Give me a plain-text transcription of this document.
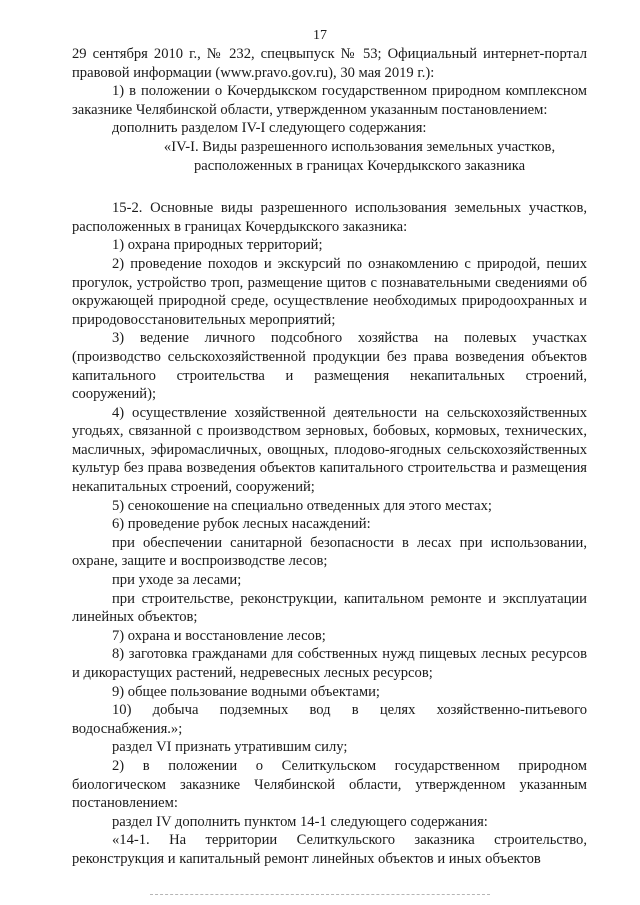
17

29 сентября 2010 г., № 232, спецвыпуск № 53; Официальный интернет-портал правовой информации (www.pravo.gov.ru), 30 мая 2019 г.):

1) в положении о Кочердыкском государственном природном комплексном заказнике Челябинской области, утвержденном указанным постановлением:

дополнить разделом IV-I следующего содержания:

«IV-I. Виды разрешенного использования земельных участков,
расположенных в границах Кочердыкского заказника

15-2. Основные виды разрешенного использования земельных участков, расположенных в границах Кочердыкского заказника:

1) охрана природных территорий;

2) проведение походов и экскурсий по ознакомлению с природой, пеших прогулок, устройство троп, размещение щитов с познавательными сведениями об окружающей природной среде, осуществление необходимых природоохранных и природовосстановительных мероприятий;

3) ведение личного подсобного хозяйства на полевых участках (производство сельскохозяйственной продукции без права возведения объектов капитального строительства и размещения некапитальных строений, сооружений);

4) осуществление хозяйственной деятельности на сельскохозяйственных угодьях, связанной с производством зерновых, бобовых, кормовых, технических, масличных, эфиромасличных, овощных, плодово-ягодных сельскохозяйственных культур без права возведения объектов капитального строительства и размещения некапитальных строений, сооружений;

5) сенокошение на специально отведенных для этого местах;

6) проведение рубок лесных насаждений:

при обеспечении санитарной безопасности в лесах при использовании, охране, защите и воспроизводстве лесов;

при уходе за лесами;

при строительстве, реконструкции, капитальном ремонте и эксплуатации линейных объектов;

7) охрана и восстановление лесов;

8) заготовка гражданами для собственных нужд пищевых лесных ресурсов и дикорастущих растений, недревесных лесных ресурсов;

9) общее пользование водными объектами;

10) добыча подземных вод в целях хозяйственно-питьевого водоснабжения.»;

раздел VI признать утратившим силу;

2) в положении о Селиткульском государственном природном биологическом заказнике Челябинской области, утвержденном указанным постановлением:

раздел IV дополнить пунктом 14-1 следующего содержания:

«14-1. На территории Селиткульского заказника строительство, реконструкция и капитальный ремонт линейных объектов и иных объектов
